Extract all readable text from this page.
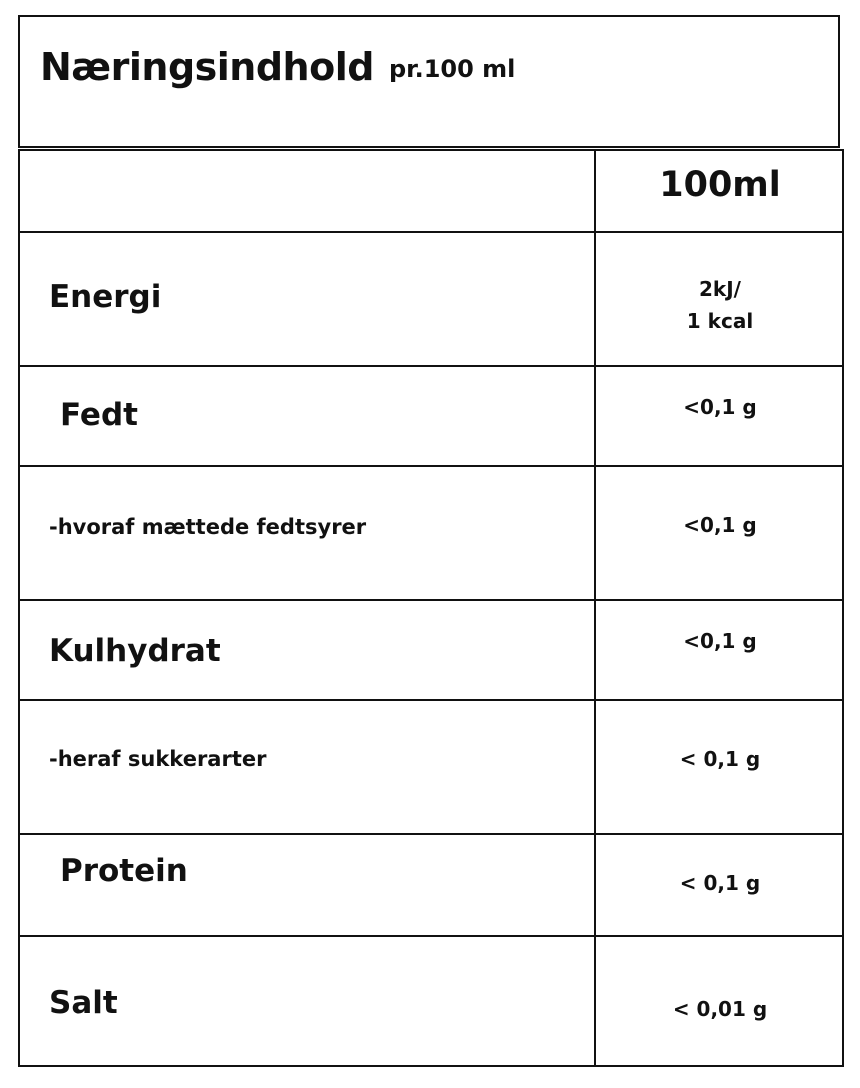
Næringsindhold pr.100 ml
100ml
Energi	2kJ/
1 kcal
Fedt	<0,1 g
-hvoraf mættede fedtsyrer	<0,1 g
Kulhydrat	<0,1 g
-heraf sukkerarter	< 0,1 g
Protein	< 0,1 g
Salt	< 0,01 g
